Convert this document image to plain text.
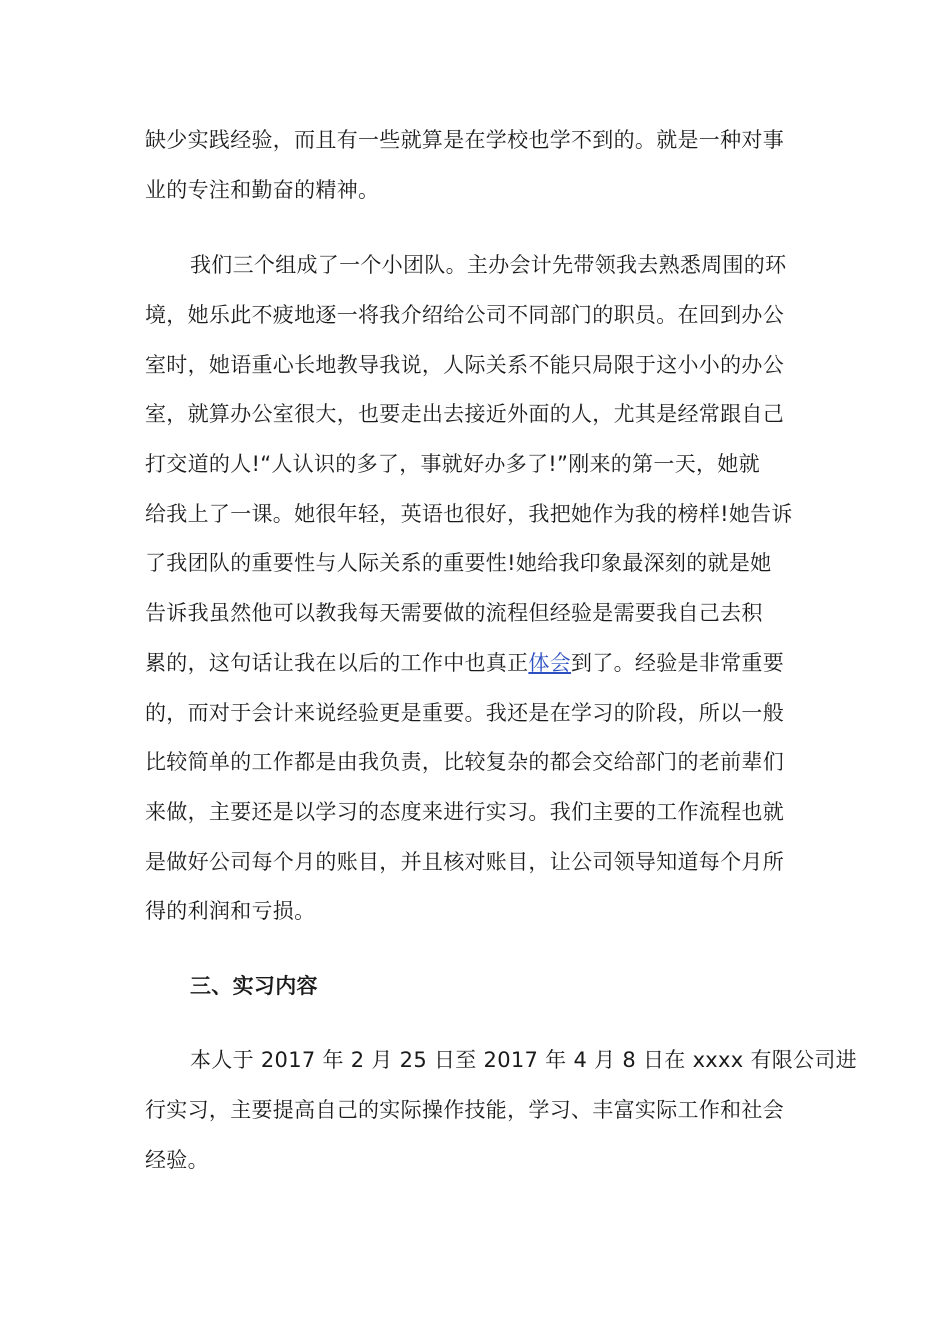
缺少实践经验，而且有一些就算是在学校也学不到的。就是一种对事
业的专注和勤奋的精神。
我们三个组成了一个小团队。主办会计先带领我去熟悉周围的环
境，她乐此不疲地逐一将我介绍给公司不同部门的职员。在回到办公
室时，她语重心长地教导我说，人际关系不能只局限于这小小的办公
室，就算办公室很大，也要走出去接近外面的人，尤其是经常跟自己
打交道的人!“人认识的多了，事就好办多了!”刚来的第一天，她就
给我上了一课。她很年轻，英语也很好，我把她作为我的榜样!她告诉
了我团队的重要性与人际关系的重要性!她给我印象最深刻的就是她
告诉我虽然他可以教我每天需要做的流程但经验是需要我自己去积
累的，这句话让我在以后的工作中也真正体会到了。经验是非常重要
的，而对于会计来说经验更是重要。我还是在学习的阶段，所以一般
比较简单的工作都是由我负责，比较复杂的都会交给部门的老前辈们
来做，主要还是以学习的态度来进行实习。我们主要的工作流程也就
是做好公司每个月的账目，并且核对账目，让公司领导知道每个月所
得的利润和亏损。
三、实习内容
本人于 2017 年 2 月 25 日至 2017 年 4 月 8 日在 xxxx 有限公司进
行实习，主要提高自己的实际操作技能，学习、丰富实际工作和社会
经验。
